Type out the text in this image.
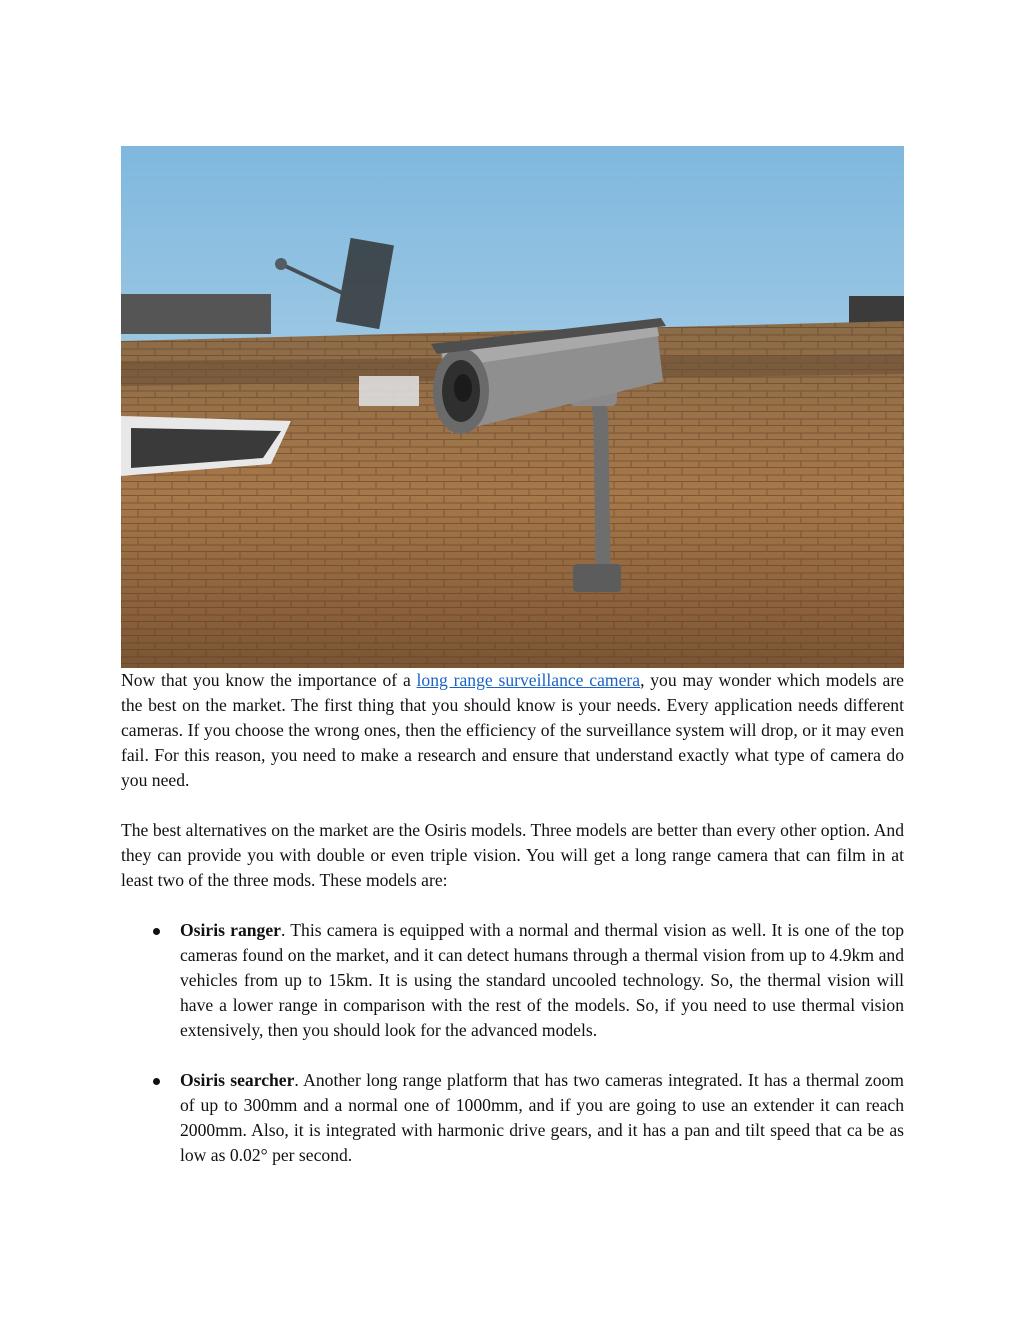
Now that you know the importance of a long range surveillance camera, you may wonder which models are the best on the market. The first thing that you should know is your needs. Every application needs different cameras. If you choose the wrong ones, then the efficiency of the surveillance system will drop, or it may even fail. For this reason, you need to make a research and ensure that understand exactly what type of camera do you need.

The best alternatives on the market are the Osiris models. Three models are better than every other option. And they can provide you with double or even triple vision. You will get a long range camera that can film in at least two of the three mods. These models are:

Osiris ranger. This camera is equipped with a normal and thermal vision as well. It is one of the top cameras found on the market, and it can detect humans through a thermal vision from up to 4.9km and vehicles from up to 15km. It is using the standard uncooled technology. So, the thermal vision will have a lower range in comparison with the rest of the models. So, if you need to use thermal vision extensively, then you should look for the advanced models.
Osiris searcher. Another long range platform that has two cameras integrated. It has a thermal zoom of up to 300mm and a normal one of 1000mm, and if you are going to use an extender it can reach 2000mm. Also, it is integrated with harmonic drive gears, and it has a pan and tilt speed that ca be as low as 0.02° per second.
